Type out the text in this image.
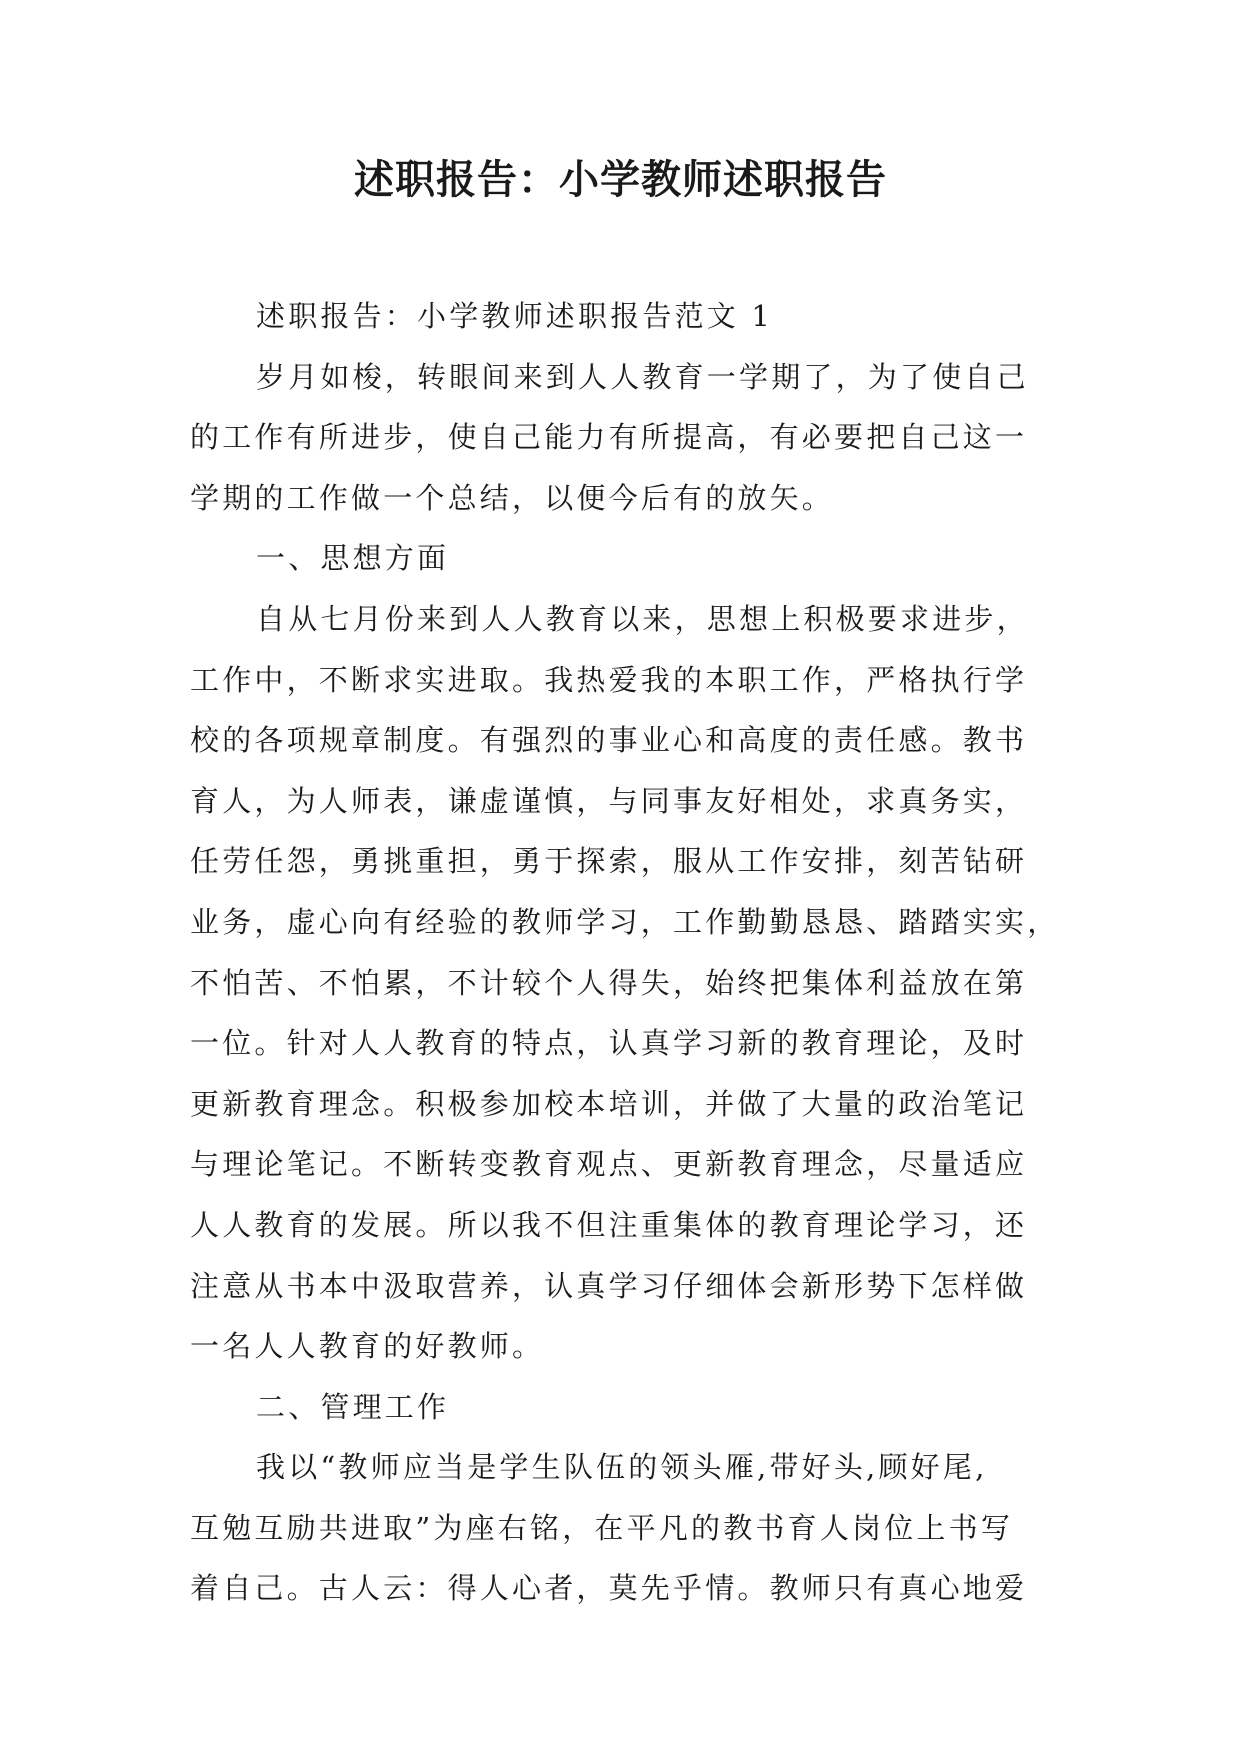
述职报告：小学教师述职报告
述职报告：小学教师述职报告范文 1
岁月如梭，转眼间来到人人教育一学期了，为了使自己
的工作有所进步，使自己能力有所提高，有必要把自己这一
学期的工作做一个总结，以便今后有的放矢。
一、思想方面
自从七月份来到人人教育以来，思想上积极要求进步，
工作中，不断求实进取。我热爱我的本职工作，严格执行学
校的各项规章制度。有强烈的事业心和高度的责任感。教书
育人，为人师表，谦虚谨慎，与同事友好相处，求真务实，
任劳任怨，勇挑重担，勇于探索，服从工作安排，刻苦钻研
业务，虚心向有经验的教师学习，工作勤勤恳恳、踏踏实实，
不怕苦、不怕累，不计较个人得失，始终把集体利益放在第
一位。针对人人教育的特点，认真学习新的教育理论，及时
更新教育理念。积极参加校本培训，并做了大量的政治笔记
与理论笔记。不断转变教育观点、更新教育理念，尽量适应
人人教育的发展。所以我不但注重集体的教育理论学习，还
注意从书本中汲取营养，认真学习仔细体会新形势下怎样做
一名人人教育的好教师。
二、管理工作
我以“教师应当是学生队伍的领头雁,带好头,顾好尾,
互勉互励共进取”为座右铭，在平凡的教书育人岗位上书写
着自己。古人云：得人心者，莫先乎情。教师只有真心地爱
